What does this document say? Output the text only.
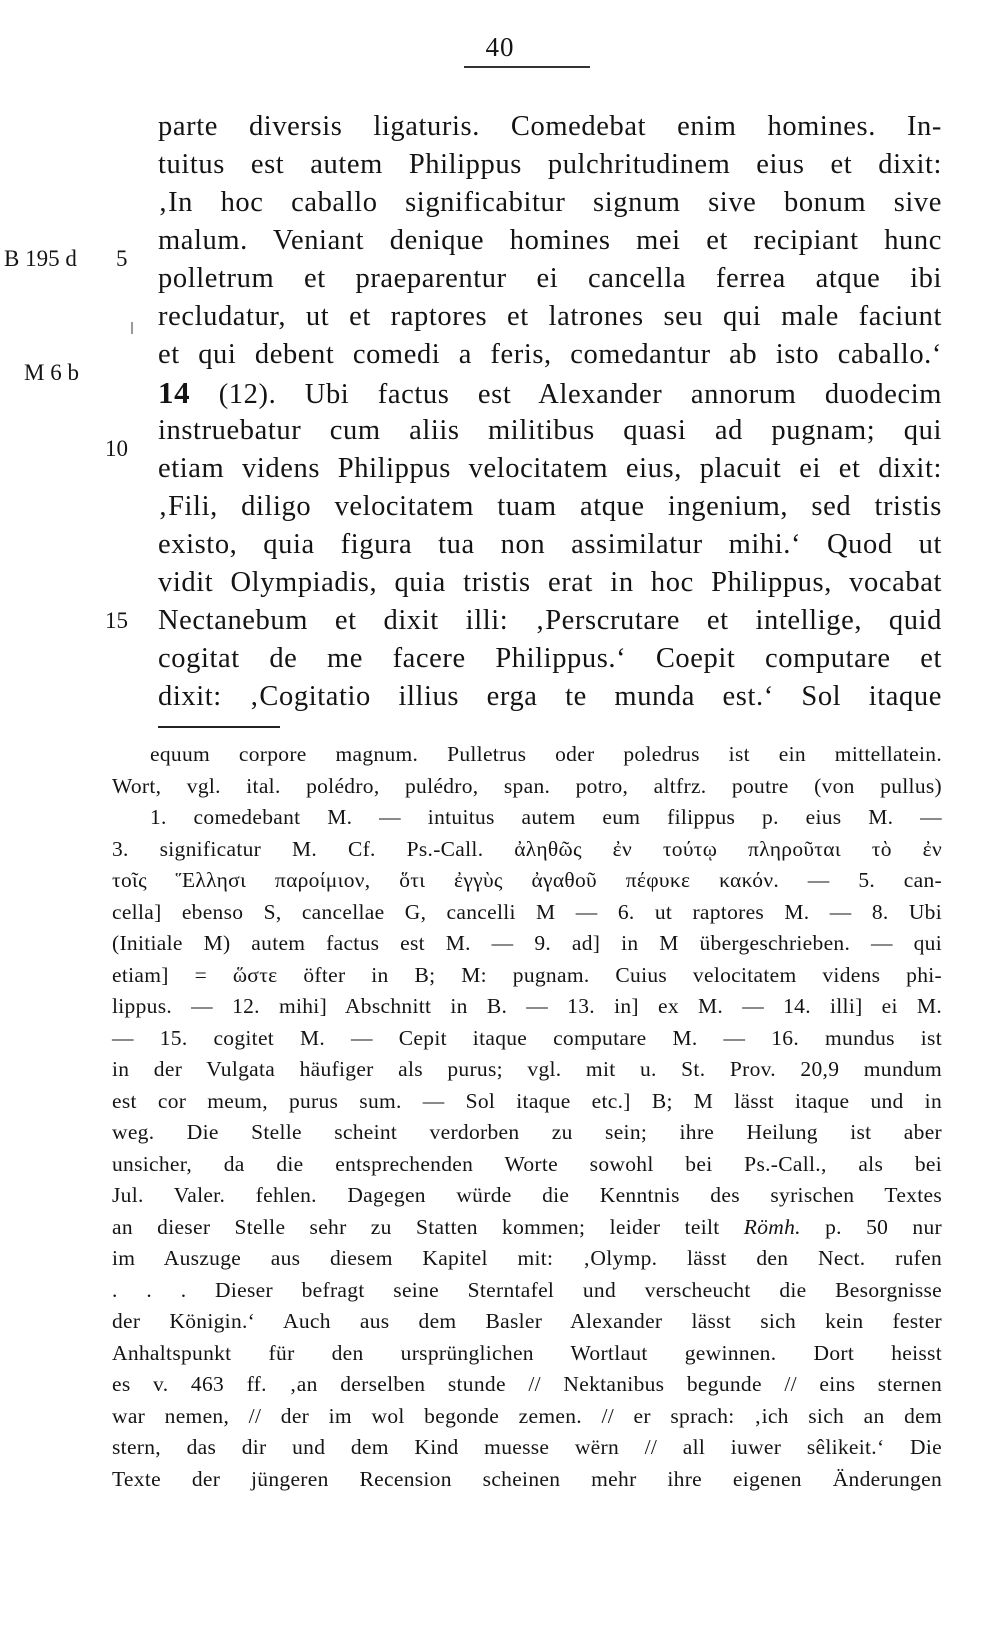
40
B 195 d 5
M 6 b
10
15
parte diversis ligaturis. Comedebat enim homines. In-
tuitus est autem Philippus pulchritudinem eius et dixit:
‚In hoc caballo significabitur signum sive bonum sive
malum. Veniant denique homines mei et recipiant hunc
polletrum et praeparentur ei cancella ferrea atque ibi
recludatur, ut et raptores et latrones seu qui male faciunt
et qui debent comedi a feris, comedantur ab isto caballo.‘
14 (12). Ubi factus est Alexander annorum duodecim
instruebatur cum aliis militibus quasi ad pugnam; qui
etiam videns Philippus velocitatem eius, placuit ei et dixit:
‚Fili, diligo velocitatem tuam atque ingenium, sed tristis
existo, quia figura tua non assimilatur mihi.‘ Quod ut
vidit Olympiadis, quia tristis erat in hoc Philippus, vocabat
Nectanebum et dixit illi: ‚Perscrutare et intellige, quid
cogitat de me facere Philippus.‘ Coepit computare et
dixit: ‚Cogitatio illius erga te munda est.‘ Sol itaque
equum corpore magnum. Pulletrus oder poledrus ist ein mittellatein.
Wort, vgl. ital. polédro, pulédro, span. potro, altfrz. poutre (von pullus)
1. comedebant M. — intuitus autem eum filippus p. eius M. —
3. significatur M. Cf. Ps.-Call. ἀληθῶς ἐν τούτῳ πληροῦται τὸ ἐν
τοῖς Ἕλλησι παροίμιον, ὅτι ἐγγὺς ἀγαθοῦ πέφυκε κακόν. — 5. can-
cella] ebenso S, cancellae G, cancelli M — 6. ut raptores M. — 8. Ubi
(Initiale M) autem factus est M. — 9. ad] in M übergeschrieben. — qui
etiam] = ὥστε öfter in B; M: pugnam. Cuius velocitatem videns phi-
lippus. — 12. mihi] Abschnitt in B. — 13. in] ex M. — 14. illi] ei M.
— 15. cogitet M. — Cepit itaque computare M. — 16. mundus ist
in der Vulgata häufiger als purus; vgl. mit u. St. Prov. 20,9 mundum
est cor meum, purus sum. — Sol itaque etc.] B; M lässt itaque und in
weg. Die Stelle scheint verdorben zu sein; ihre Heilung ist aber
unsicher, da die entsprechenden Worte sowohl bei Ps.-Call., als bei
Jul. Valer. fehlen. Dagegen würde die Kenntnis des syrischen Textes
an dieser Stelle sehr zu Statten kommen; leider teilt Römh. p. 50 nur
im Auszuge aus diesem Kapitel mit: ‚Olymp. lässt den Nect. rufen
. . . Dieser befragt seine Sterntafel und verscheucht die Besorgnisse
der Königin.‘ Auch aus dem Basler Alexander lässt sich kein fester
Anhaltspunkt für den ursprünglichen Wortlaut gewinnen. Dort heisst
es v. 463 ff. ‚an derselben stunde // Nektanibus begunde // eins sternen
war nemen, // der im wol begonde zemen. // er sprach: ‚ich sich an dem
stern, das dir und dem Kind muesse wërn // all iuwer sêlikeit.‘ Die
Texte der jüngeren Recension scheinen mehr ihre eigenen Änderungen
